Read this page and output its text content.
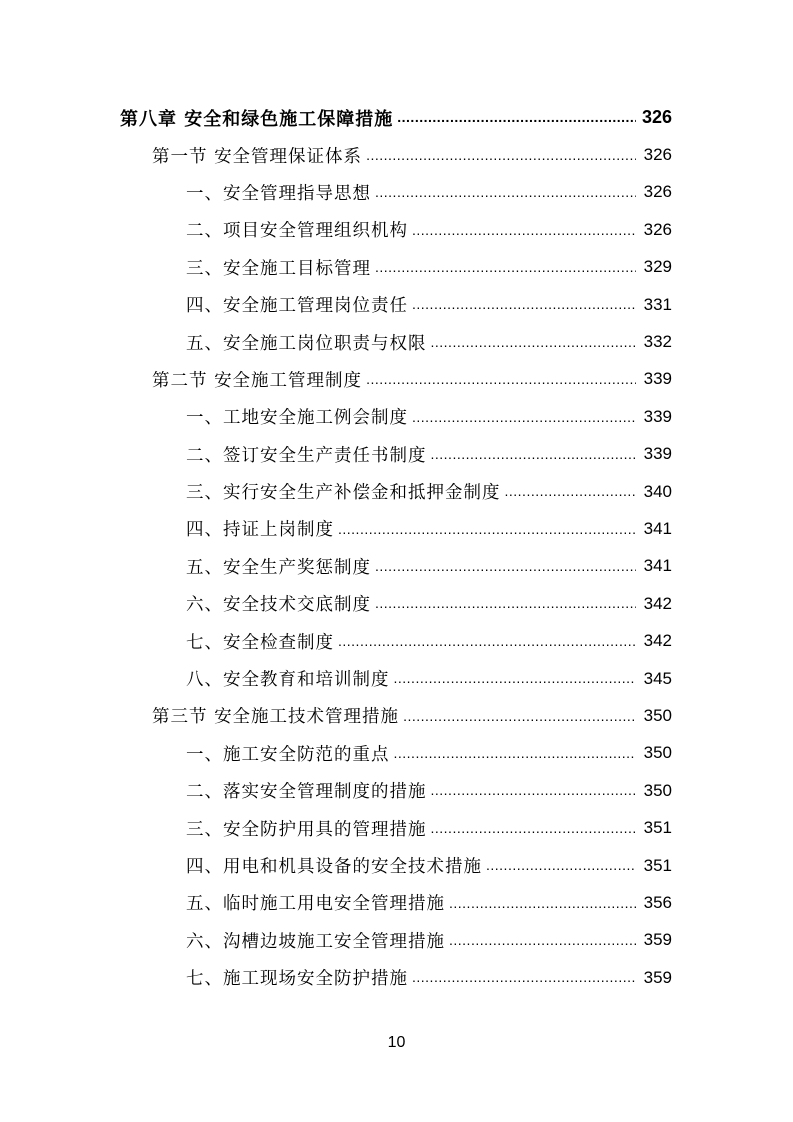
第八章 安全和绿色施工保障措施 .....	326
第一节 安全管理保证体系 .....	326
一、安全管理指导思想 .....	326
二、项目安全管理组织机构 .....	326
三、安全施工目标管理 .....	329
四、安全施工管理岗位责任 .....	331
五、安全施工岗位职责与权限 .....	332
第二节 安全施工管理制度 .....	339
一、工地安全施工例会制度 .....	339
二、签订安全生产责任书制度 .....	339
三、实行安全生产补偿金和抵押金制度 .....	340
四、持证上岗制度 .....	341
五、安全生产奖惩制度 .....	341
六、安全技术交底制度 .....	342
七、安全检查制度 .....	342
八、安全教育和培训制度 .....	345
第三节 安全施工技术管理措施 .....	350
一、施工安全防范的重点 .....	350
二、落实安全管理制度的措施 .....	350
三、安全防护用具的管理措施 .....	351
四、用电和机具设备的安全技术措施 .....	351
五、临时施工用电安全管理措施 .....	356
六、沟槽边坡施工安全管理措施 .....	359
七、施工现场安全防护措施 .....	359
10
